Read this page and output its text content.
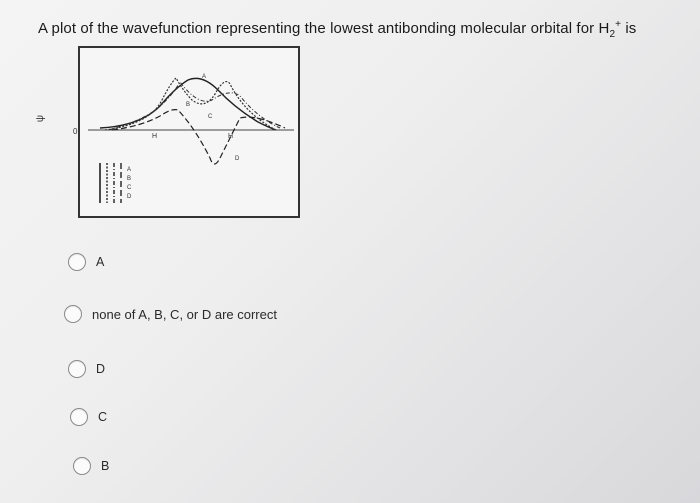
A plot of the wavefunction representing the lowest antibonding molecular orbital for $H_2^+$ is
ψ
0
H	H
A
B
C
D
A
B
C
D
A
none of A, B, C, or D are correct
D
C
B
